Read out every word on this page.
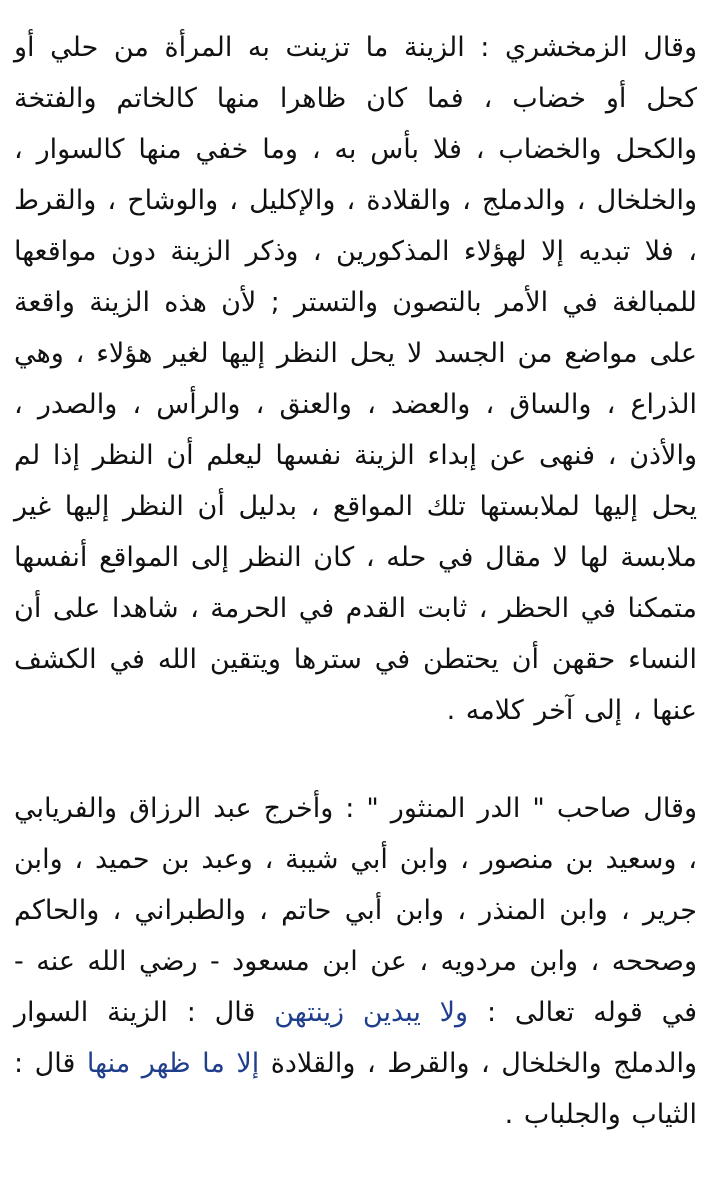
وقال الزمخشري : الزينة ما تزينت به المرأة من حلي أو كحل أو خضاب ، فما كان ظاهرا منها كالخاتم والفتخة والكحل والخضاب ، فلا بأس به ، وما خفي منها كالسوار ، والخلخال ، والدملج ، والقلادة ، والإكليل ، والوشاح ، والقرط ، فلا تبديه إلا لهؤلاء المذكورين ، وذكر الزينة دون مواقعها للمبالغة في الأمر بالتصون والتستر ; لأن هذه الزينة واقعة على مواضع من الجسد لا يحل النظر إليها لغير هؤلاء ، وهي الذراع ، والساق ، والعضد ، والعنق ، والرأس ، والصدر ، والأذن ، فنهى عن إبداء الزينة نفسها ليعلم أن النظر إذا لم يحل إليها لملابستها تلك المواقع ، بدليل أن النظر إليها غير ملابسة لها لا مقال في حله ، كان النظر إلى المواقع أنفسها متمكنا في الحظر ، ثابت القدم في الحرمة ، شاهدا على أن النساء حقهن أن يحتطن في سترها ويتقين الله في الكشف عنها ، إلى آخر كلامه .

وقال صاحب " الدر المنثور " : وأخرج عبد الرزاق والفريابي ، وسعيد بن منصور ، وابن أبي شيبة ، وعبد بن حميد ، وابن جرير ، وابن المنذر ، وابن أبي حاتم ، والطبراني ، والحاكم وصححه ، وابن مردويه ، عن ابن مسعود - رضي الله عنه - في قوله تعالى : ولا يبدين زينتهن قال : الزينة السوار والدملج والخلخال ، والقرط ، والقلادة إلا ما ظهر منها قال : الثياب والجلباب .
